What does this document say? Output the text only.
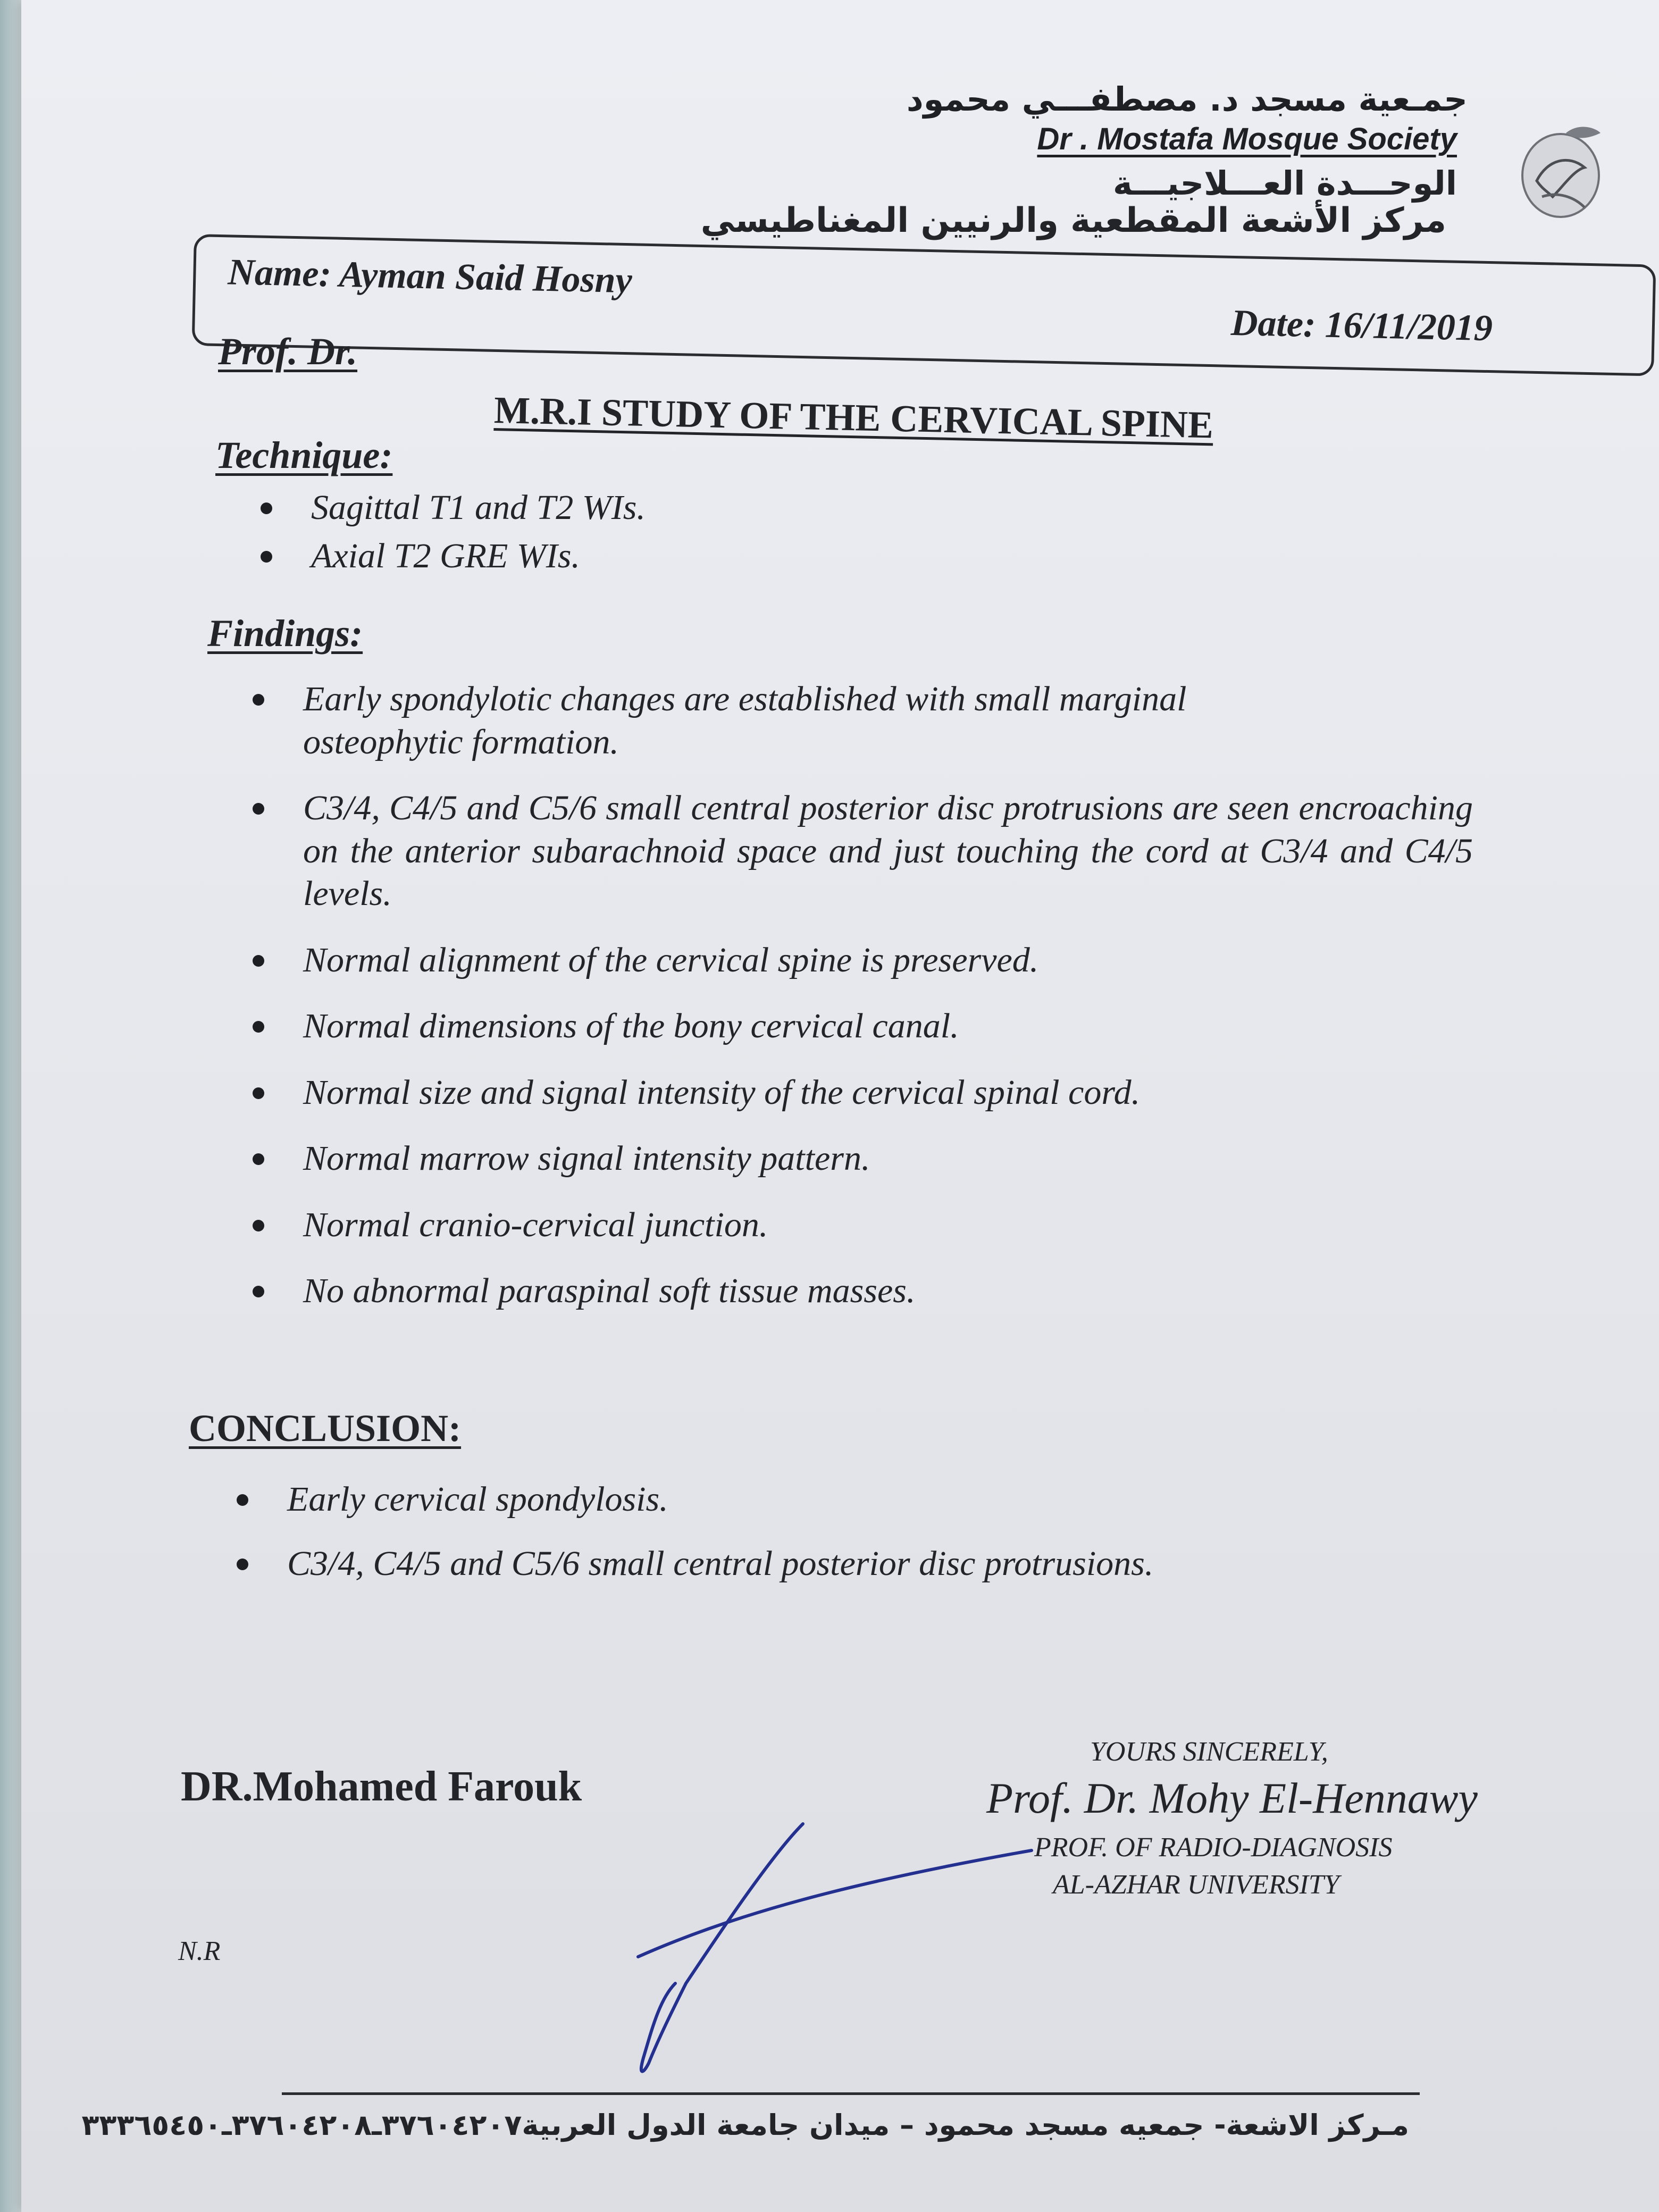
جمـعية مسجد د. مصطفـــي محمود
Dr . Mostafa Mosque Society
الوحـــدة العـــلاجيـــة
مركز الأشعة المقطعية والرنيين المغناطيسي
Name: Ayman Said Hosny
Date: 16/11/2019
Prof. Dr.
M.R.I STUDY OF THE CERVICAL SPINE
Technique:
Sagittal T1 and T2 WIs.
Axial T2 GRE WIs.
Findings:
Early spondylotic changes are established with small marginal osteophytic formation.
C3/4, C4/5 and C5/6 small central posterior disc protrusions are seen encroaching on the anterior subarachnoid space and just touching the cord at C3/4 and C4/5 levels.
Normal alignment of the cervical spine is preserved.
Normal dimensions of the bony cervical canal.
Normal size and signal intensity of the cervical spinal cord.
Normal marrow signal intensity pattern.
Normal cranio-cervical junction.
No abnormal paraspinal soft tissue masses.
CONCLUSION:
Early cervical spondylosis.
C3/4, C4/5 and C5/6 small central posterior disc protrusions.
DR.Mohamed Farouk
YOURS SINCERELY,
Prof. Dr. Mohy El-Hennawy
PROF. OF RADIO-DIAGNOSIS
AL-AZHAR UNIVERSITY
N.R
مـركز الاشعة- جمعيه مسجد محمود – ميدان جامعة الدول العربية٣٧٦٠٤٢٠٧ـ٣٧٦٠٤٢٠٨ـ٣٣٣٦٥٤٥٠
